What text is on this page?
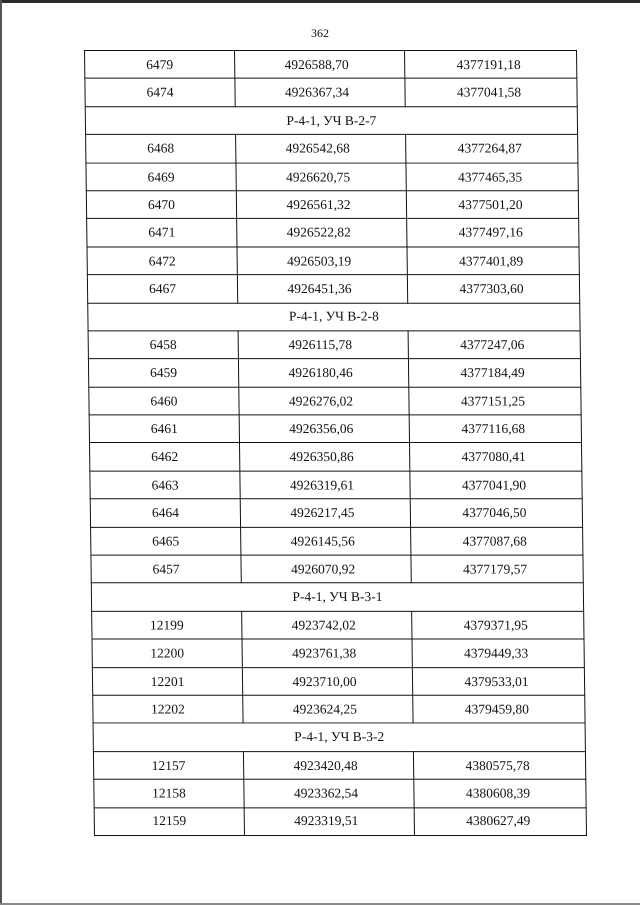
362
6479	4926588,70	4377191,18
6474	4926367,34	4377041,58
Р-4-1, УЧ В-2-7		
6468	4926542,68	4377264,87
6469	4926620,75	4377465,35
6470	4926561,32	4377501,20
6471	4926522,82	4377497,16
6472	4926503,19	4377401,89
6467	4926451,36	4377303,60
Р-4-1, УЧ В-2-8		
6458	4926115,78	4377247,06
6459	4926180,46	4377184,49
6460	4926276,02	4377151,25
6461	4926356,06	4377116,68
6462	4926350,86	4377080,41
6463	4926319,61	4377041,90
6464	4926217,45	4377046,50
6465	4926145,56	4377087,68
6457	4926070,92	4377179,57
Р-4-1, УЧ В-3-1		
12199	4923742,02	4379371,95
12200	4923761,38	4379449,33
12201	4923710,00	4379533,01
12202	4923624,25	4379459,80
Р-4-1, УЧ В-3-2		
12157	4923420,48	4380575,78
12158	4923362,54	4380608,39
12159	4923319,51	4380627,49
